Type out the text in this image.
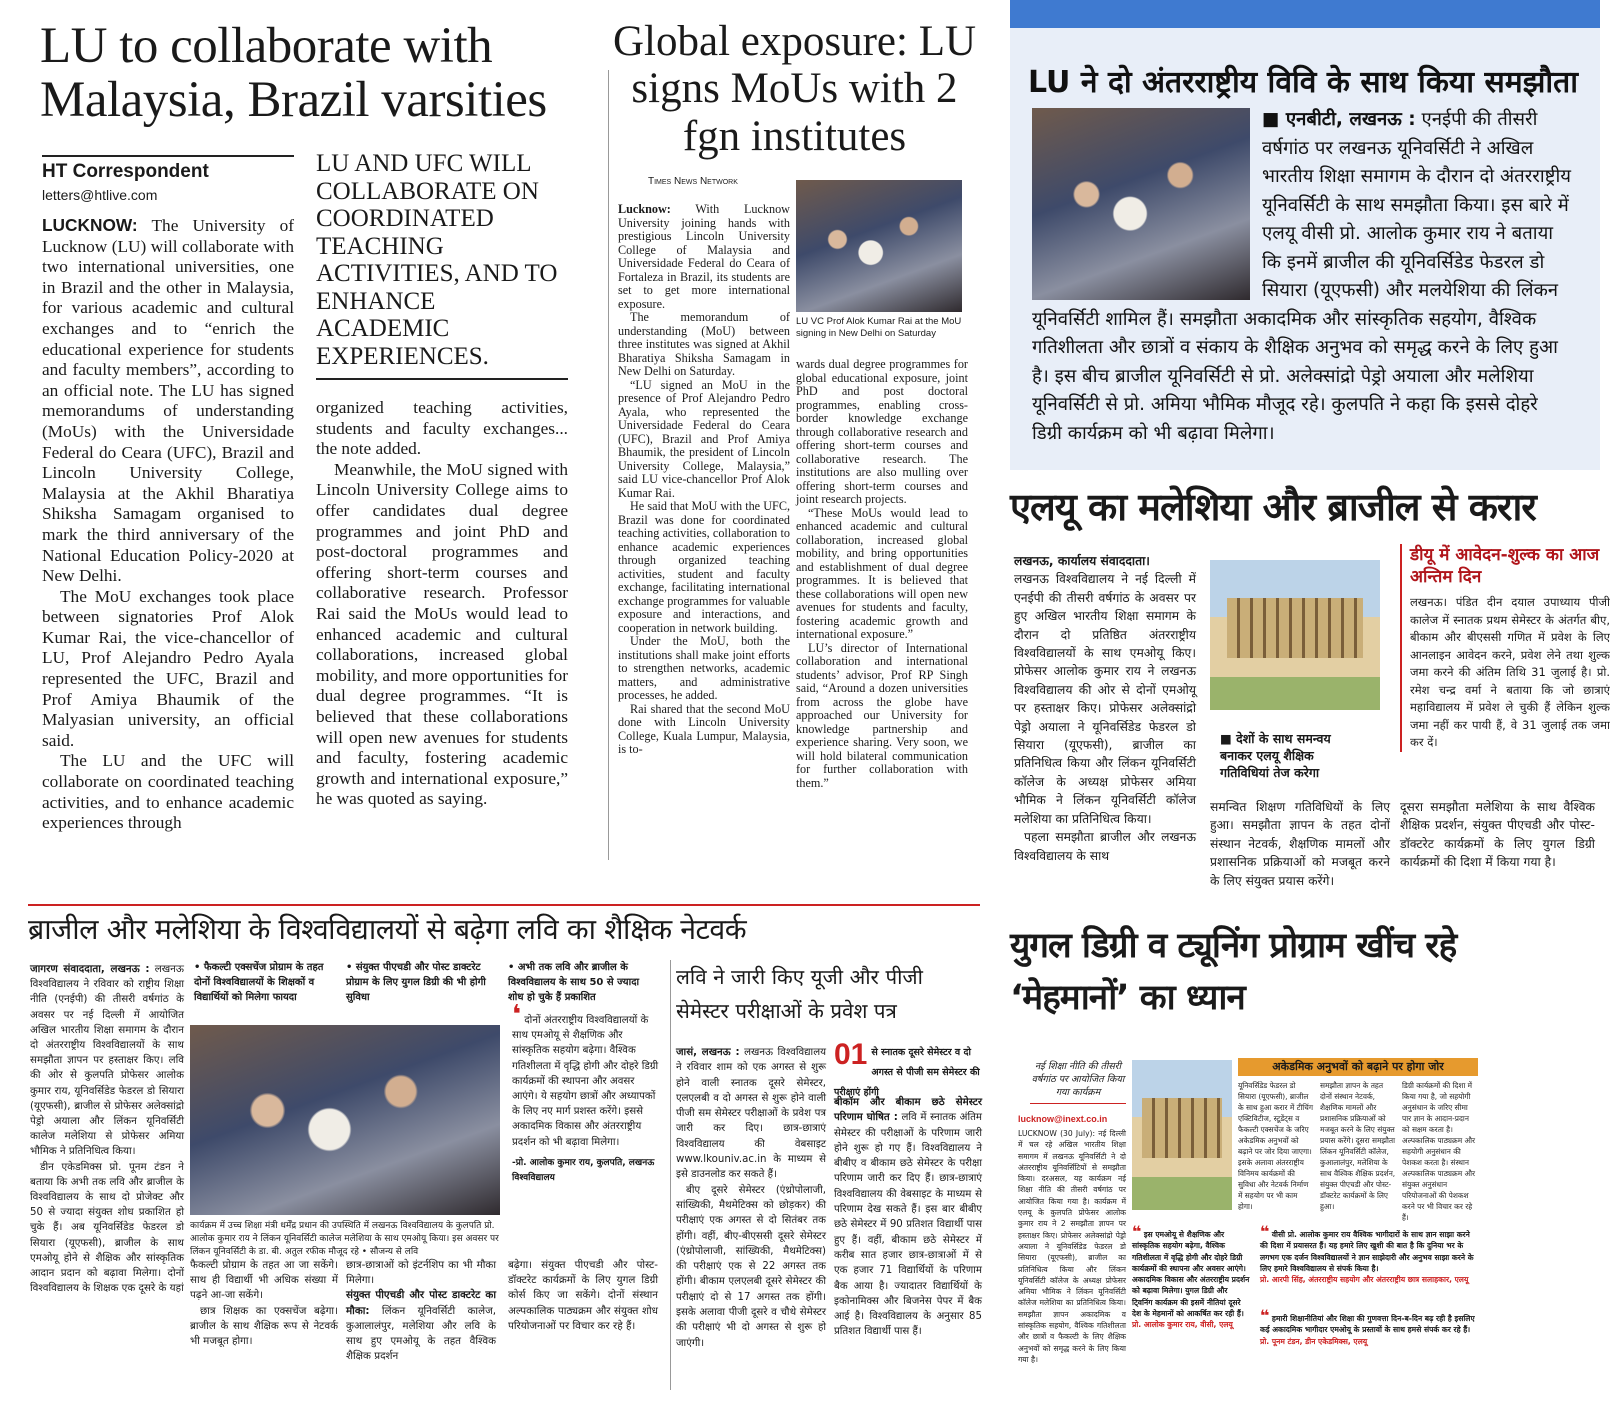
LU to collaborate with Malaysia, Brazil varsities
HT Correspondent
letters@htlive.com

LUCKNOW: The University of Lucknow (LU) will collaborate with two international universities, one in Brazil and the other in Malaysia, for various academic and cultural exchanges and to “enrich the educational experience for students and faculty members”, according to an official note. The LU has signed memorandums of understanding (MoUs) with the Universidade Federal do Ceara (UFC), Brazil and Lincoln University College, Malaysia at the Akhil Bharatiya Shiksha Samagam organised to mark the third anniversary of the National Education Policy-2020 at New Delhi.

The MoU exchanges took place between signatories Prof Alok Kumar Rai, the vice-chancellor of LU, Prof Alejandro Pedro Ayala represented the UFC, Brazil and Prof Amiya Bhaumik of the Malyasian university, an official said.

The LU and the UFC will collaborate on coordinated teaching activities, and to enhance academic experiences through

LU AND UFC WILL COLLABORATE ON COORDINATED TEACHING ACTIVITIES, AND TO ENHANCE ACADEMIC EXPERIENCES.

organized teaching activities, students and faculty exchanges... the note added.

Meanwhile, the MoU signed with Lincoln University College aims to offer candidates dual degree programmes and joint PhD and post-doctoral programmes and offering short-term courses and collaborative research. Professor Rai said the MoUs would lead to enhanced academic and cultural collaborations, increased global mobility, and more opportunities for dual degree programmes. “It is believed that these collaborations will open new avenues for students and faculty, fostering academic growth and international exposure,” he was quoted as saying.

Global exposure: LU signs MoUs with 2 fgn institutes
Times News Network
LU VC Prof Alok Kumar Rai at the MoU signing in New Delhi on Saturday

Lucknow: With Lucknow University joining hands with prestigious Lincoln University College of Malaysia and Universidade Federal do Ceara of Fortaleza in Brazil, its students are set to get more international exposure.

The memorandum of understanding (MoU) between three institutes was signed at Akhil Bharatiya Shiksha Samagam in New Delhi on Saturday.

“LU signed an MoU in the presence of Prof Alejandro Pedro Ayala, who represented the Universidade Federal do Ceara (UFC), Brazil and Prof Amiya Bhaumik, the president of Lincoln University College, Malaysia,” said LU vice-chancellor Prof Alok Kumar Rai.

He said that MoU with the UFC, Brazil was done for coordinated teaching activities, collaboration to enhance academic experiences through organized teaching activities, student and faculty exchange, facilitating international exchange programmes for valuable exposure and interactions, and cooperation in network building.

Under the MoU, both the institutions shall make joint efforts to strengthen networks, academic matters, and administrative processes, he added.

Rai shared that the second MoU done with Lincoln University College, Kuala Lumpur, Malaysia, is to-

wards dual degree programmes for global educational exposure, joint PhD and post doctoral programmes, enabling cross-border knowledge exchange through collaborative research and offering short-term courses and collaborative research. The institutions are also mulling over offering short-term courses and joint research projects.

“These MoUs would lead to enhanced academic and cultural collaboration, increased global mobility, and bring opportunities and establishment of dual degree programmes. It is believed that these collaborations will open new avenues for students and faculty, fostering academic growth and international exposure.”

LU’s director of International collaboration and international students’ advisor, Prof RP Singh said, “Around a dozen universities from across the globe have approached our University for knowledge partnership and experience sharing. Very soon, we will hold bilateral communication for further collaboration with them.”

LU ने दो अंतरराष्ट्रीय विवि के साथ किया समझौता
■ एनबीटी, लखनऊ : एनईपी की तीसरी वर्षगांठ पर लखनऊ यूनिवर्सिटी ने अखिल भारतीय शिक्षा समागम के दौरान दो अंतरराष्ट्रीय यूनिवर्सिटी के साथ समझौता किया। इस बारे में एलयू वीसी प्रो. आलोक कुमार राय ने बताया कि इनमें ब्राजील की यूनिवर्सिडेड फेडरल डो सियारा (यूएफसी) और मलयेशिया की लिंकन यूनिवर्सिटी शामिल हैं। समझौता अकादमिक और सांस्कृतिक सहयोग, वैश्विक गतिशीलता और छात्रों व संकाय के शैक्षिक अनुभव को समृद्ध करने के लिए हुआ है। इस बीच ब्राजील यूनिवर्सिटी से प्रो. अलेक्सांद्रो पेड्रो अयाला और मलेशिया यूनिवर्सिटी से प्रो. अमिया भौमिक मौजूद रहे। कुलपति ने कहा कि इससे दोहरे डिग्री कार्यक्रम को भी बढ़ावा मिलेगा।
एलयू का मलेशिया और ब्राजील से करार
लखनऊ, कार्यालय संवाददाता।
लखनऊ विश्वविद्यालय ने नई दिल्ली में एनईपी की तीसरी वर्षगांठ के अवसर पर हुए अखिल भारतीय शिक्षा समागम के दौरान दो प्रतिष्ठित अंतरराष्ट्रीय विश्वविद्यालयों के साथ एमओयू किए। प्रोफेसर आलोक कुमार राय ने लखनऊ विश्वविद्यालय की ओर से दोनों एमओयू पर हस्ताक्षर किए। प्रोफेसर अलेक्सांद्रो पेड्रो अयाला ने यूनिवर्सिडेड फेडरल डो सियारा (यूएफसी), ब्राजील का प्रतिनिधित्व किया और लिंकन यूनिवर्सिटी कॉलेज के अध्यक्ष प्रोफेसर अमिया भौमिक ने लिंकन यूनिवर्सिटी कॉलेज मलेशिया का प्रतिनिधित्व किया।
पहला समझौता ब्राजील और लखनऊ विश्वविद्यालय के साथ
■ देशों के साथ समन्वय बनाकर एलयू शैक्षिक गतिविधियां तेज करेगा
समन्वित शिक्षण गतिविधियों के लिए हुआ। समझौता ज्ञापन के तहत दोनों संस्थान नेटवर्क, शैक्षणिक मामलों और प्रशासनिक प्रक्रियाओं को मजबूत करने के लिए संयुक्त प्रयास करेंगे।
डीयू में आवेदन-शुल्क का आज अन्तिम दिन
लखनऊ। पंडित दीन दयाल उपाध्याय पीजी कालेज में स्नातक प्रथम सेमेस्टर के अंतर्गत बीए, बीकाम और बीएससी गणित में प्रवेश के लिए आनलाइन आवेदन करने, प्रवेश लेने तथा शुल्क जमा करने की अंतिम तिथि 31 जुलाई है। प्रो. रमेश चन्द्र वर्मा ने बताया कि जो छात्राएं महाविद्यालय में प्रवेश ले चुकी हैं लेकिन शुल्क जमा नहीं कर पायी हैं, वे 31 जुलाई तक जमा कर दें।
दूसरा समझौता मलेशिया के साथ वैश्विक शैक्षिक प्रदर्शन, संयुक्त पीएचडी और पोस्ट-डॉक्टरेट कार्यक्रमों के लिए युगल डिग्री कार्यक्रमों की दिशा में किया गया है।
ब्राजील और मलेशिया के विश्वविद्यालयों से बढ़ेगा लवि का शैक्षिक नेटवर्क

जागरण संवाददाता, लखनऊ : लखनऊ विश्वविद्यालय ने रविवार को राष्ट्रीय शिक्षा नीति (एनईपी) की तीसरी वर्षगांठ के अवसर पर नई दिल्ली में आयोजित अखिल भारतीय शिक्षा समागम के दौरान दो अंतरराष्ट्रीय विश्वविद्यालयों के साथ समझौता ज्ञापन पर हस्ताक्षर किए। लवि की ओर से कुलपति प्रोफेसर आलोक कुमार राय, यूनिवर्सिडेड फेडरल डो सियारा (यूएफसी), ब्राजील से प्रोफेसर अलेक्सांद्रो पेड्रो अयाला और लिंकन यूनिवर्सिटी कालेज मलेशिया से प्रोफेसर अमिया भौमिक ने प्रतिनिधित्व किया।

डीन एकेडमिक्स प्रो. पूनम टंडन ने बताया कि अभी तक लवि और ब्राजील के विश्वविद्यालय के साथ दो प्रोजेक्ट और 50 से ज्यादा संयुक्त शोध प्रकाशित हो चुके हैं। अब यूनिवर्सिडेड फेडरल डो सियारा (यूएफसी), ब्राजील के साथ एमओयू होने से शैक्षिक और सांस्कृतिक आदान प्रदान को बढ़ावा मिलेगा। दोनों विश्वविद्यालय के शिक्षक एक दूसरे के यहां

• फैकल्टी एक्सचेंज प्रोग्राम के तहत दोनों विश्वविद्यालयों के शिक्षकों व विद्यार्थियों को मिलेगा फायदा
• संयुक्त पीएचडी और पोस्ट डाक्टरेट प्रोग्राम के लिए युगल डिग्री की भी होगी सुविधा
• अभी तक लवि और ब्राजील के विश्वविद्यालय के साथ 50 से ज्यादा शोध हो चुके हैं प्रकाशित
कार्यक्रम में उच्च शिक्षा मंत्री धर्मेंद्र प्रधान की उपस्थिति में लखनऊ विश्वविद्यालय के कुलपति प्रो. आलोक कुमार राय ने लिंकन यूनिवर्सिटी कालेज मलेशिया के साथ एमओयू किया। इस अवसर पर लिंकन यूनिवर्सिटी के डा. बी. अतुल रफीक मौजूद रहे • सौजन्य से लवि
❛ दोनों अंतरराष्ट्रीय विश्वविद्यालयों के साथ एमओयू से शैक्षणिक और सांस्कृतिक सहयोग बढ़ेगा। वैश्विक गतिशीलता में वृद्धि होगी और दोहरे डिग्री कार्यक्रमों की स्थापना और अवसर आएंगे। ये सहयोग छात्रों और अध्यापकों के लिए नए मार्ग प्रशस्त करेंगे। इससे अकादमिक विकास और अंतरराष्ट्रीय प्रदर्शन को भी बढ़ावा मिलेगा।
-प्रो. आलोक कुमार राय, कुलपति, लखनऊ विश्वविद्यालय
फैकल्टी प्रोग्राम के तहत आ जा सकेंगे। साथ ही विद्यार्थी भी अधिक संख्या में पढ़ने आ-जा सकेंगे।
छात्र शिक्षक का एक्सचेंज बढ़ेगा। ब्राजील के साथ शैक्षिक रूप से नेटवर्क भी मजबूत होगा।
छात्र-छात्राओं को इंटर्नशिप का भी मौका मिलेगा।
संयुक्त पीएचडी और पोस्ट डाक्टरेट का मौका: लिंकन यूनिवर्सिटी कालेज, कुआलालंपुर, मलेशिया और लवि के साथ हुए एमओयू के तहत वैश्विक शैक्षिक प्रदर्शन
बढ़ेगा। संयुक्त पीएचडी और पोस्ट-डॉक्टरेट कार्यक्रमों के लिए युगल डिग्री कोर्स किए जा सकेंगे। दोनों संस्थान अल्पकालिक पाठ्यक्रम और संयुक्त शोध परियोजनाओं पर विचार कर रहे हैं।
लवि ने जारी किए यूजी और पीजी सेमेस्टर परीक्षाओं के प्रवेश पत्र

जासं, लखनऊ : लखनऊ विश्वविद्यालय ने रविवार शाम को एक अगस्त से शुरू होने वाली स्नातक दूसरे सेमेस्टर, एलएलबी व दो अगस्त से शुरू होने वाली पीजी सम सेमेस्टर परीक्षाओं के प्रवेश पत्र जारी कर दिए। छात्र-छात्राएं विश्वविद्यालय की वेबसाइट www.lkouniv.ac.in के माध्यम से इसे डाउनलोड कर सकते हैं।

बीए दूसरे सेमेस्टर (एंथ्रोपोलाजी, सांख्यिकी, मैथमेटिक्स को छोड़कर) की परीक्षाएं एक अगस्त से दो सितंबर तक होंगी। वहीं, बीए-बीएससी दूसरे सेमेस्टर (एंथ्रोपोलाजी, सांख्यिकी, मैथमेटिक्स) की परीक्षाएं एक से 22 अगस्त तक होंगी। बीकाम एलएलबी दूसरे सेमेस्टर की परीक्षाएं दो से 17 अगस्त तक होंगी। इसके अलावा पीजी दूसरे व चौथे सेमेस्टर की परीक्षाएं भी दो अगस्त से शुरू हो जाएंगी।

01 से स्नातक दूसरे सेमेस्टर व दो अगस्त से पीजी सम सेमेस्टर की परीक्षाएं होंगी
बीकॉम और बीकाम छठे सेमेस्टर परिणाम घोषित : लवि में स्नातक अंतिम सेमेस्टर की परीक्षाओं के परिणाम जारी होने शुरू हो गए हैं। विश्वविद्यालय ने बीबीए व बीकाम छठे सेमेस्टर के परीक्षा परिणाम जारी कर दिए हैं। छात्र-छात्राएं विश्वविद्यालय की वेबसाइट के माध्यम से परिणाम देख सकते हैं। इस बार बीबीए छठे सेमेस्टर में 90 प्रतिशत विद्यार्थी पास हुए हैं। वहीं, बीकाम छठे सेमेस्टर में करीब सात हजार छात्र-छात्राओं में से एक हजार 71 विद्यार्थियों के परिणाम बैक आया है। ज्यादातर विद्यार्थियों के इकोनामिक्स और बिजनेस पेपर में बैक आई है। विश्वविद्यालय के अनुसार 85 प्रतिशत विद्यार्थी पास हैं।
युगल डिग्री व ट्यूनिंग प्रोग्राम खींच रहे ‘मेहमानों’ का ध्यान
नई शिक्षा नीति की तीसरी वर्षगांठ पर आयोजित किया गया कार्यक्रम
lucknow@inext.co.in
LUCKNOW (30 July): नई दिल्ली में चल रहे अखिल भारतीय शिक्षा समागम में लखनऊ यूनिवर्सिटी ने दो अंतरराष्ट्रीय यूनिवर्सिटियों से समझौता किया। दरअसल, यह कार्यक्रम नई शिक्षा नीति की तीसरी वर्षगांठ पर आयोजित किया गया है। कार्यक्रम में एलयू के कुलपति प्रोफेसर आलोक कुमार राय ने 2 समझौता ज्ञापन पर हस्ताक्षर किए। प्रोफेसर अलेक्सांद्रो पेड्रो अयाला ने यूनिवर्सिडेड फेडरल डो सियारा (यूएफसी), ब्राजील का प्रतिनिधित्व किया और लिंकन यूनिवर्सिटी कॉलेज के अध्यक्ष प्रोफेसर अमिया भौमिक ने लिंकन यूनिवर्सिटी कॉलेज मलेशिया का प्रतिनिधित्व किया। समझौता ज्ञापन अकादमिक व सांस्कृतिक सहयोग, वैश्विक गतिशीलता और छात्रों व फैकल्टी के लिए शैक्षिक अनुभवों को समृद्ध करने के लिए किया गया है।
अकेडमिक अनुभवों को बढ़ाने पर होगा जोर
यूनिवर्सिडेड फेडरल डो सियारा (यूएफसी), ब्राजील के साथ हुआ करार में टीचिंग एक्टिविटीज, स्टूडेंट्स व फैकल्टी एक्सचेंज के जरिए अकेडमिक अनुभवों को बढ़ाने पर जोर दिया जाएगा। इसके अलावा अंतरराष्ट्रीय विनिमय कार्यक्रमों की सुविधा और नेटवर्क निर्माण में सहयोग पर भी काम होगा।
समझौता ज्ञापन के तहत दोनों संस्थान नेटवर्क, शैक्षणिक मामलों और प्रशासनिक प्रक्रियाओं को मजबूत करने के लिए संयुक्त प्रयास करेंगे। दूसरा समझौता लिंकन यूनिवर्सिटी कॉलेज, कुआलालंपुर, मलेशिया के साथ वैश्विक शैक्षिक प्रदर्शन, संयुक्त पीएचडी और पोस्ट-डॉक्टरेट कार्यक्रमों के लिए हुआ।
डिग्री कार्यक्रमों की दिशा में किया गया है, जो सहयोगी अनुसंधान के जरिए सीमा पार ज्ञान के आदान-प्रदान को सक्षम करता है। अल्पकालिक पाठ्यक्रम और सहयोगी अनुसंधान की पेशकश करता है। संस्थान अल्पकालिक पाठ्यक्रम और संयुक्त अनुसंधान परियोजनाओं की पेशकश करने पर भी विचार कर रहे हैं।
❝ इस एमओयू से शैक्षणिक और सांस्कृतिक सहयोग बढ़ेगा, वैश्विक गतिशीलता में वृद्धि होगी और दोहरे डिग्री कार्यक्रमों की स्थापना और अवसर आएंगे। अकादमिक विकास और अंतरराष्ट्रीय प्रदर्शन को बढ़ावा मिलेगा। युगल डिग्री और टि्वनिंग कार्यक्रम की इसमें नीतियां दूसरे देश के मेहमानों को आकर्षित कर रही हैं।
प्रो. आलोक कुमार राय, वीसी, एलयू
❝ वीसी प्रो. आलोक कुमार राय वैश्विक भागीदारों के साथ ज्ञान साझा करने की दिशा में प्रयासरत हैं। यह हमारे लिए खुशी की बात है कि दुनिया भर के लगभग एक दर्जन विश्वविद्यालयों ने ज्ञान साझेदारी और अनुभव साझा करने के लिए हमारे विश्वविद्यालय से संपर्क किया है।
प्रो. आरपी सिंह, अंतरराष्ट्रीय सहयोग और अंतरराष्ट्रीय छात्र सलाहकार, एलयू
❝ हमारी शिक्षानीतियां और शिक्षा की गुणवत्ता दिन-ब-दिन बढ़ रही है इसलिए कई अकादमिक भागीदार एमओयू के प्रस्तावों के साथ हमसे संपर्क कर रहे हैं।
प्रो. पूनम टंडन, डीन एकेडमिक्स, एलयू
